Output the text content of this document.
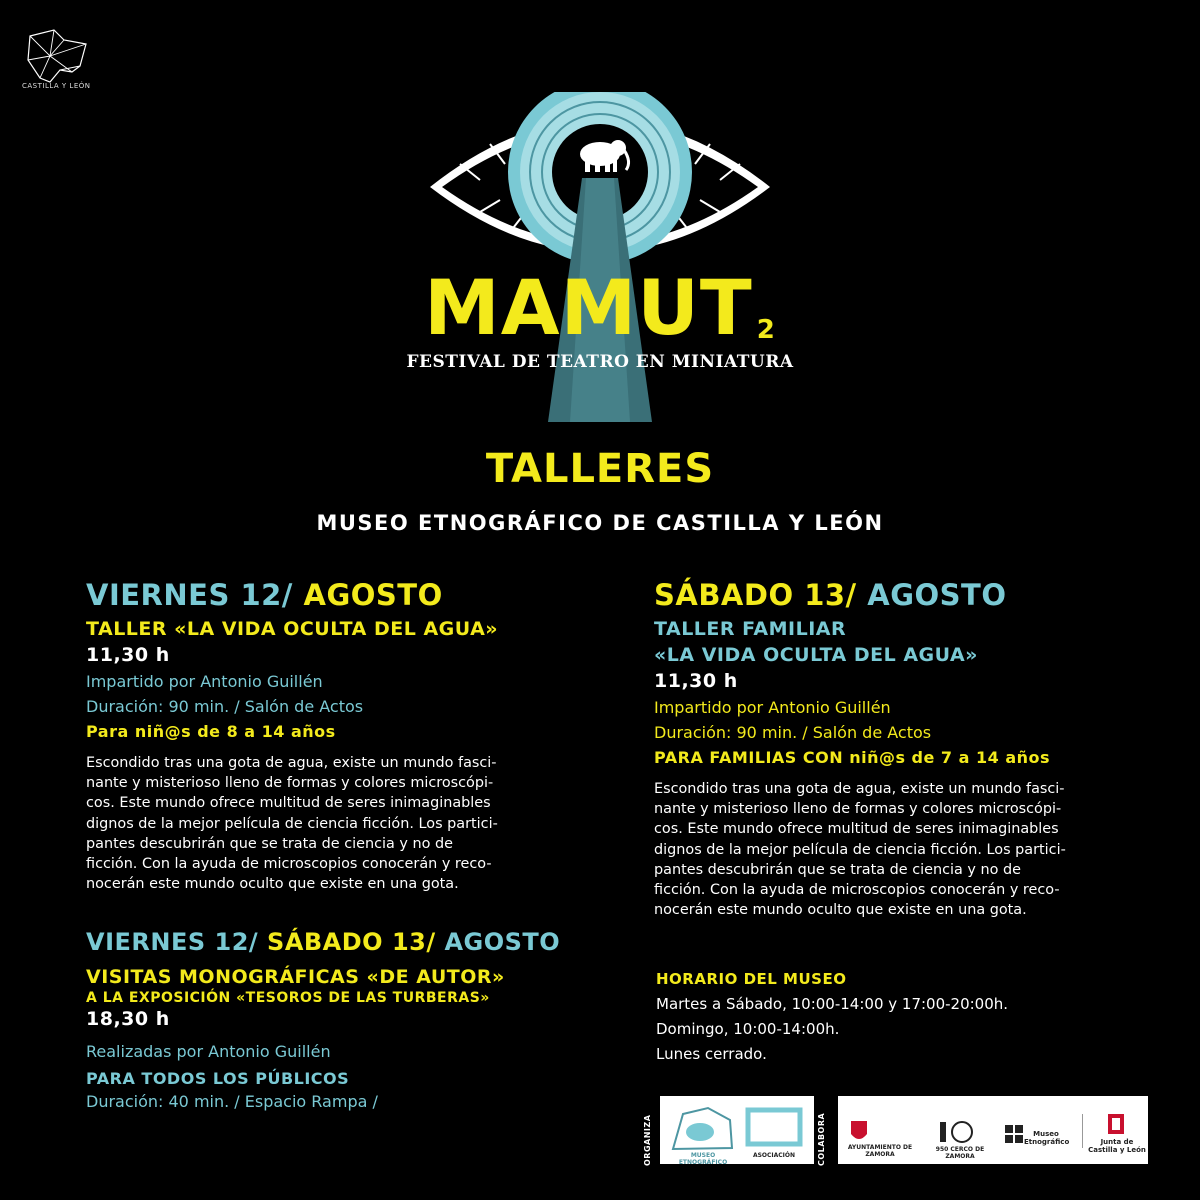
CASTILLA Y LEÓN
MAMUT 2
FESTIVAL DE TEATRO EN MINIATURA
TALLERES
MUSEO ETNOGRÁFICO DE CASTILLA Y LEÓN
VIERNES 12/ AGOSTO
TALLER «LA VIDA OCULTA DEL AGUA»
11,30 h
Impartido por Antonio Guillén
Duración: 90 min. / Salón de Actos
Para niñ@s de 8 a 14 años
Escondido tras una gota de agua, existe un mundo fasci-
nante y misterioso lleno de formas y colores microscópi-
cos. Este mundo ofrece multitud de seres inimaginables
dignos de la mejor película de ciencia ficción. Los partici-
pantes descubrirán que se trata de ciencia y no de
ficción. Con la ayuda de microscopios conocerán y reco-
nocerán este mundo oculto que existe en una gota.
VIERNES 12/ SÁBADO 13/ AGOSTO
VISITAS MONOGRÁFICAS «DE AUTOR»
A LA EXPOSICIÓN «TESOROS DE LAS TURBERAS»
18,30 h
Realizadas por Antonio Guillén
PARA TODOS LOS PÚBLICOS
Duración: 40 min. / Espacio Rampa /
SÁBADO 13/ AGOSTO
TALLER FAMILIAR
«LA VIDA OCULTA DEL AGUA»
11,30 h
Impartido por Antonio Guillén
Duración: 90 min. / Salón de Actos
PARA FAMILIAS CON niñ@s de 7 a 14 años
Escondido tras una gota de agua, existe un mundo fasci-
nante y misterioso lleno de formas y colores microscópi-
cos. Este mundo ofrece multitud de seres inimaginables
dignos de la mejor película de ciencia ficción. Los partici-
pantes descubrirán que se trata de ciencia y no de
ficción. Con la ayuda de microscopios conocerán y reco-
nocerán este mundo oculto que existe en una gota.
HORARIO DEL MUSEO
Martes a Sábado, 10:00-14:00 y 17:00-20:00h.
Domingo, 10:00-14:00h.
Lunes cerrado.
ORGANIZA	MUSEO ETNOGRÁFICO
ASOCIACIÓN	COLABORA	AYUNTAMIENTO DE ZAMORA
950 CERCO DE ZAMORA
Museo Etnográfico	Junta de Castilla y León
